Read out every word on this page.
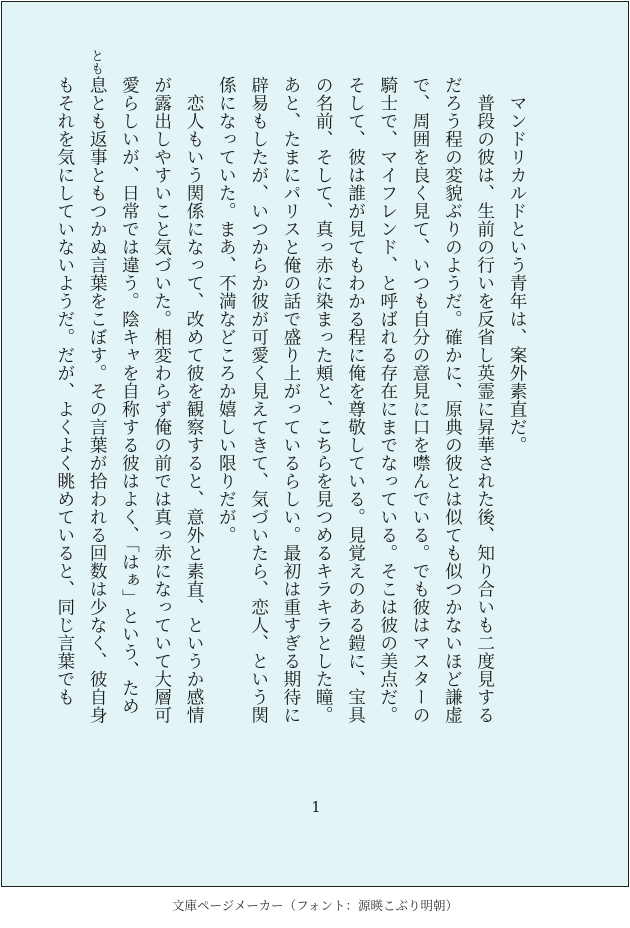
とも
　マンドリカルドという青年は、案外素直だ。
　普段の彼は、生前の行いを反省し英霊に昇華された後、知り合いも二度見する
だろう程の変貌ぶりのようだ。確かに、原典の彼とは似ても似つかないほど謙虚
で、周囲を良く見て、いつも自分の意見に口を噤んでいる。でも彼はマスターの
騎士で、マイフレンド、と呼ばれる存在にまでなっている。そこは彼の美点だ。
そして、彼は誰が見てもわかる程に俺を尊敬している。見覚えのある鎧に、宝具
の名前、そして、真っ赤に染まった頬と、こちらを見つめるキラキラとした瞳。
あと、たまにパリスと俺の話で盛り上がっているらしい。最初は重すぎる期待に
辟易もしたが、いつからか彼が可愛く見えてきて、気づいたら、恋人、という関
係になっていた。まあ、不満などころか嬉しい限りだが。
　恋人もいう関係になって、改めて彼を観察すると、意外と素直、というか感情
が露出しやすいこと気づいた。相変わらず俺の前では真っ赤になっていて大層可
愛らしいが、日常では違う。陰キャを自称する彼はよく、「はぁ」という、ため
息とも返事ともつかぬ言葉をこぼす。その言葉が拾われる回数は少なく、彼自身
もそれを気にしていないようだ。だが、よくよく眺めていると、同じ言葉でも
1
文庫ページメーカー（フォント：源暎こぶり明朝）
